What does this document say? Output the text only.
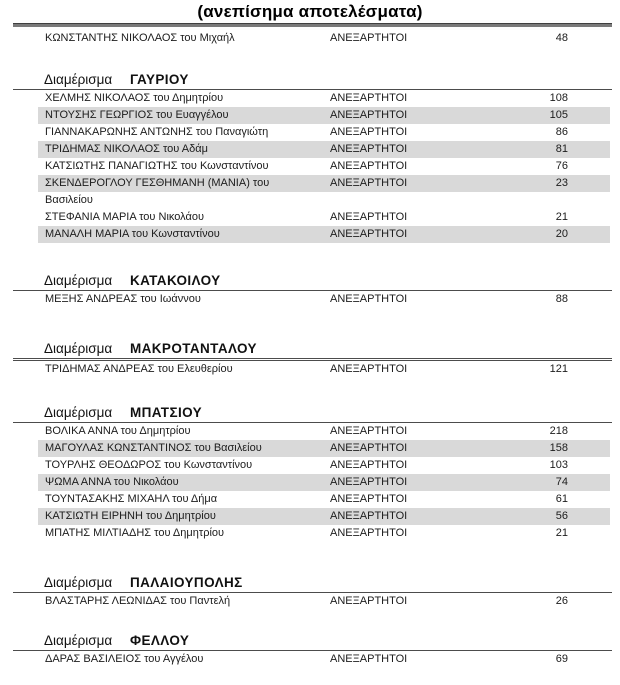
(ανεπίσημα αποτελέσματα)
ΚΩΝΣΤΑΝΤΗΣ ΝΙΚΟΛΑΟΣ του Μιχαήλ	ΑΝΕΞΑΡΤΗΤΟΙ	48
Διαμέρισμα ΓΑΥΡΙΟΥ
ΧΕΛΜΗΣ ΝΙΚΟΛΑΟΣ του Δημητρίου	ΑΝΕΞΑΡΤΗΤΟΙ	108
ΝΤΟΥΣΗΣ ΓΕΩΡΓΙΟΣ του Ευαγγέλου	ΑΝΕΞΑΡΤΗΤΟΙ	105
ΓΙΑΝΝΑΚΑΡΩΝΗΣ ΑΝΤΩΝΗΣ του Παναγιώτη	ΑΝΕΞΑΡΤΗΤΟΙ	86
ΤΡΙΔΗΜΑΣ ΝΙΚΟΛΑΟΣ του Αδάμ	ΑΝΕΞΑΡΤΗΤΟΙ	81
ΚΑΤΣΙΩΤΗΣ ΠΑΝΑΓΙΩΤΗΣ του Κωνσταντίνου	ΑΝΕΞΑΡΤΗΤΟΙ	76
ΣΚΕΝΔΕΡΟΓΛΟΥ ΓΕΣΘΗΜΑΝΗ (ΜΑΝΙΑ) του	ΑΝΕΞΑΡΤΗΤΟΙ	23
Βασιλείου
ΣΤΕΦΑΝΙΑ ΜΑΡΙΑ του Νικολάου	ΑΝΕΞΑΡΤΗΤΟΙ	21
ΜΑΝΑΛΗ ΜΑΡΙΑ του Κωνσταντίνου	ΑΝΕΞΑΡΤΗΤΟΙ	20
Διαμέρισμα ΚΑΤΑΚΟΙΛΟΥ
ΜΕΞΗΣ ΑΝΔΡΕΑΣ του Ιωάννου	ΑΝΕΞΑΡΤΗΤΟΙ	88
Διαμέρισμα ΜΑΚΡΟΤΑΝΤΑΛΟΥ
ΤΡΙΔΗΜΑΣ ΑΝΔΡΕΑΣ του Ελευθερίου	ΑΝΕΞΑΡΤΗΤΟΙ	121
Διαμέρισμα ΜΠΑΤΣΙΟΥ
ΒΟΛΙΚΑ ΑΝΝΑ του Δημητρίου	ΑΝΕΞΑΡΤΗΤΟΙ	218
ΜΑΓΟΥΛΑΣ ΚΩΝΣΤΑΝΤΙΝΟΣ του Βασιλείου	ΑΝΕΞΑΡΤΗΤΟΙ	158
ΤΟΥΡΛΗΣ ΘΕΟΔΩΡΟΣ του Κωνσταντίνου	ΑΝΕΞΑΡΤΗΤΟΙ	103
ΨΩΜΑ ΑΝΝΑ του Νικολάου	ΑΝΕΞΑΡΤΗΤΟΙ	74
ΤΟΥΝΤΑΣΑΚΗΣ ΜΙΧΑΗΛ του Δήμα	ΑΝΕΞΑΡΤΗΤΟΙ	61
ΚΑΤΣΙΩΤΗ ΕΙΡΗΝΗ του Δημητρίου	ΑΝΕΞΑΡΤΗΤΟΙ	56
ΜΠΑΤΗΣ ΜΙΛΤΙΑΔΗΣ του Δημητρίου	ΑΝΕΞΑΡΤΗΤΟΙ	21
Διαμέρισμα ΠΑΛΑΙΟΥΠΟΛΗΣ
ΒΛΑΣΤΑΡΗΣ ΛΕΩΝΙΔΑΣ του Παντελή	ΑΝΕΞΑΡΤΗΤΟΙ	26
Διαμέρισμα ΦΕΛΛΟΥ
ΔΑΡΑΣ ΒΑΣΙΛΕΙΟΣ του Αγγέλου	ΑΝΕΞΑΡΤΗΤΟΙ	69
